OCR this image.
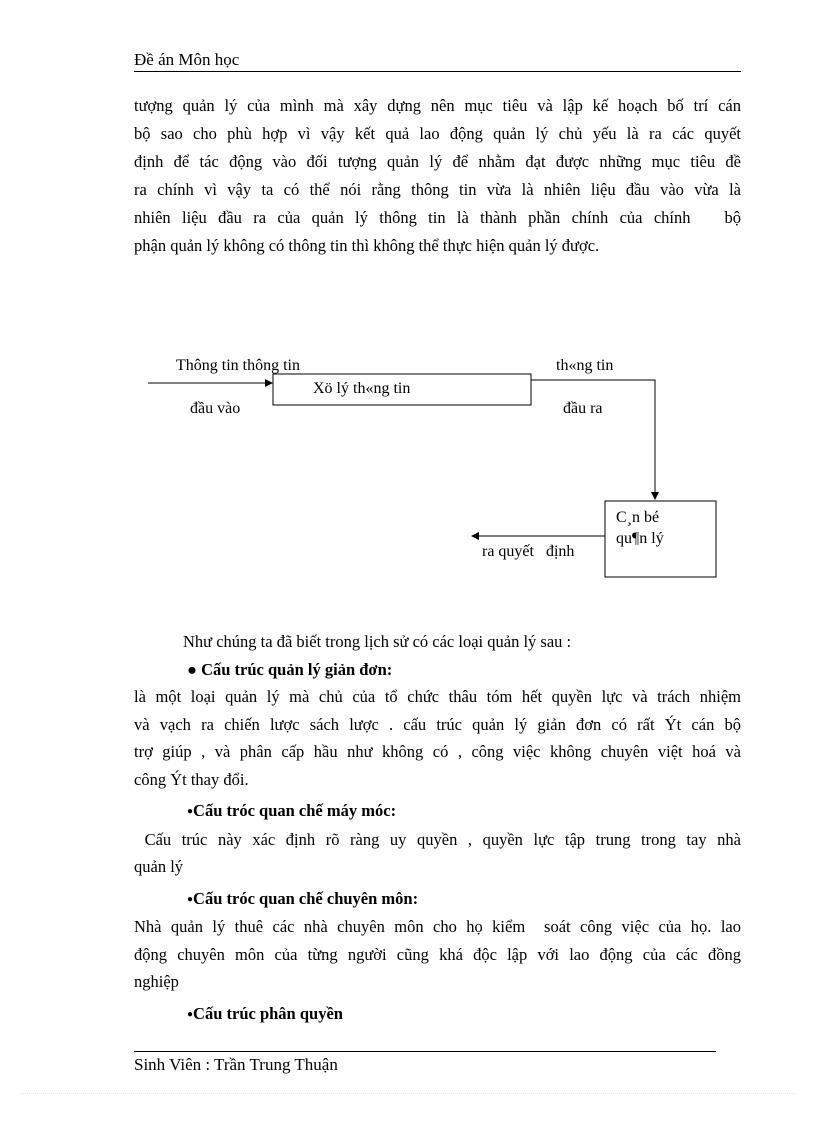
Đề án Môn học
tượng quản lý của mình mà xây dựng nên mục tiêu và lập kế hoạch bố trí cán
bộ sao cho phù hợp vì vậy kết quả lao động quản lý chủ yếu là ra các quyết
định để tác động vào đối tượng quản lý để nhằm đạt được những mục tiêu đề
ra chính vì vậy ta có thể nói rằng thông tin vừa là nhiên liệu đầu vào vừa là
nhiên liệu đầu ra của quản lý thông tin là thành phần chính của chính   bộ
phận quản lý không có thông tin thì không thể thực hiện quản lý được.
Thông tin thông tin
đầu vào
Xö lý th«ng tin
th«ng tin
đầu ra
C¸n bé
qu¶n lý
ra quyết   định
Như chúng ta đã biết trong lịch sử có các loại quản lý sau :
● Cấu trúc quản lý giản đơn:
là một loại quản lý mà chủ của tổ chức thâu tóm hết quyền lực và trách nhiệm
và vạch ra chiến lược sách lược . cấu trúc quản lý giản đơn có rất Ýt cán bộ
trợ giúp , và phân cấp hầu như không có , công việc không chuyên việt hoá và
công Ýt thay đổi.
●Cấu tróc quan chế máy móc:
Cấu trúc này xác định rõ ràng uy quyền , quyền lực tập trung trong tay nhà
quản lý
●Cấu tróc quan chế chuyên môn:
Nhà quản lý thuê các nhà chuyên môn cho họ kiểm  soát công việc của họ. lao
động chuyên môn của từng người cũng khá độc lập với lao động của các đồng
nghiệp
●Cấu trúc phân quyền
Sinh Viên : Trần Trung Thuận
